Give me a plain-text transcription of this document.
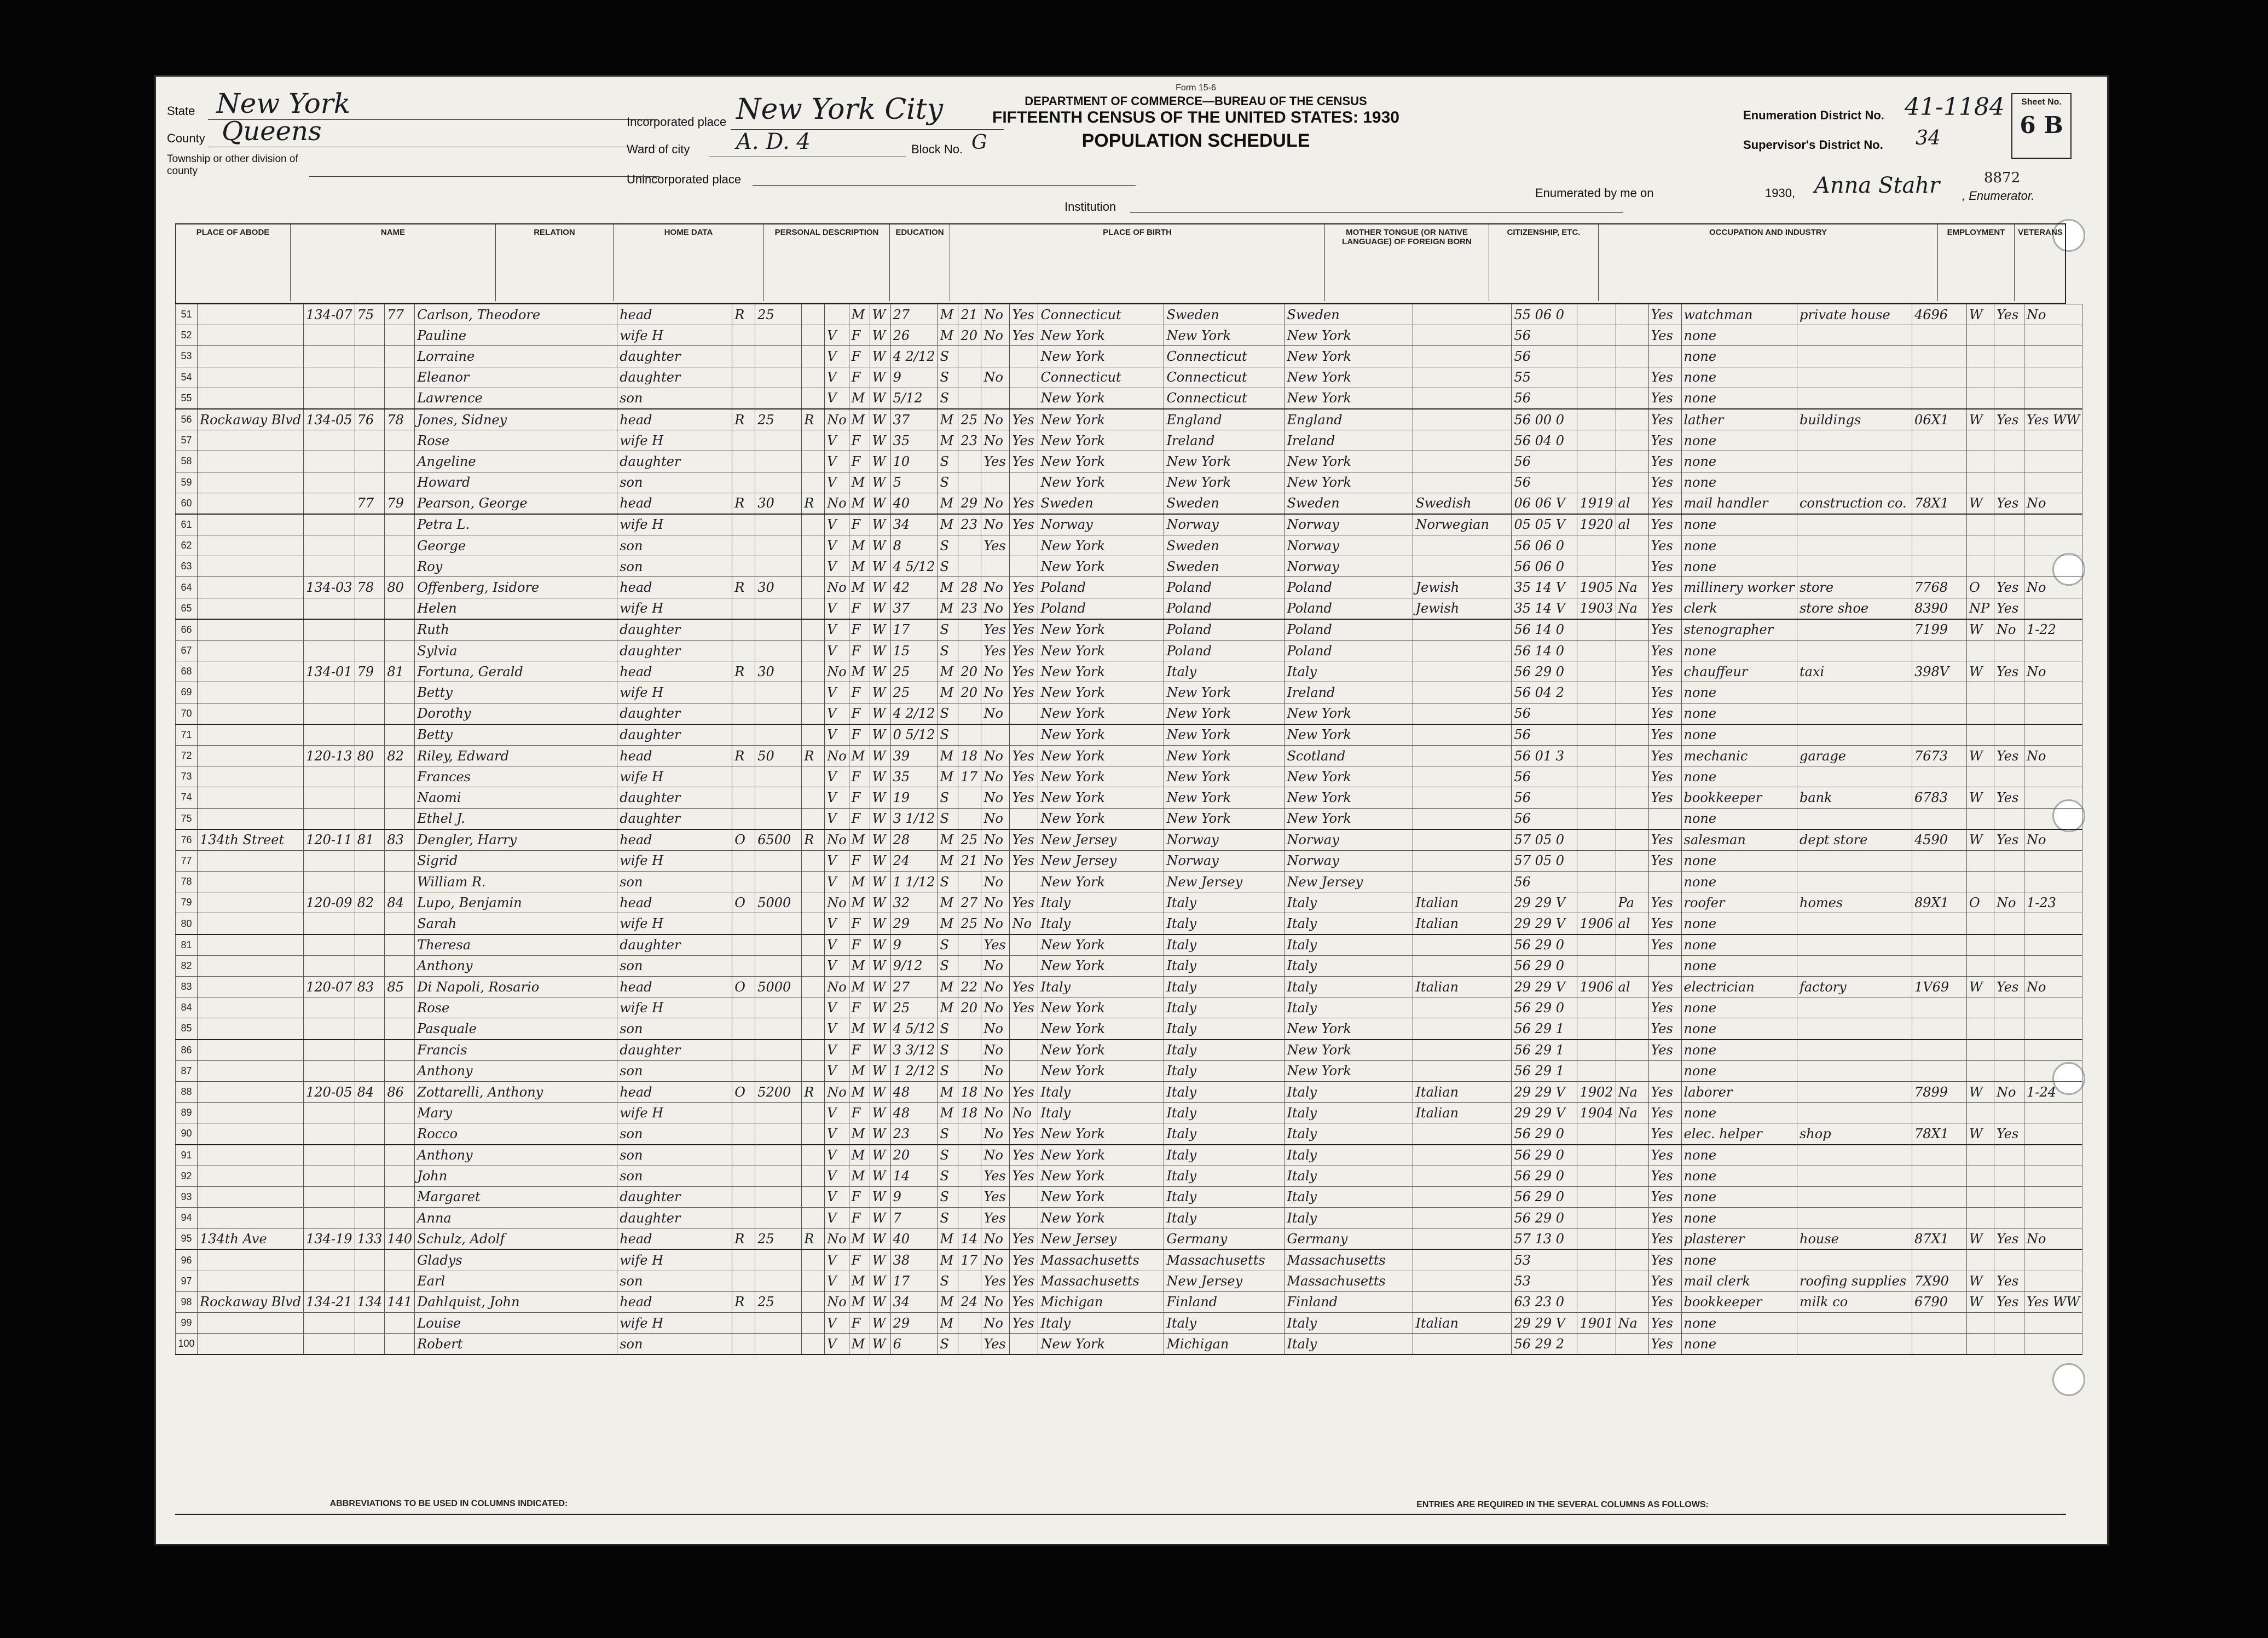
Form 15-6
DEPARTMENT OF COMMERCE—BUREAU OF THE CENSUS
FIFTEENTH CENSUS OF THE UNITED STATES: 1930
POPULATION SCHEDULE
State New York
County Queens
Township or other division of county
Incorporated place New York City
Ward of city A. D. 4	Block No. G
Unincorporated place
Institution
Enumeration District No. 41-1184
Supervisor's District No. 34
Sheet No.
6 B
Enumerated by me on	1930, Anna Stahr , Enumerator.
8872
PLACE OF ABODE	NAME	RELATION	HOME DATA	PERSONAL DESCRIPTION	EDUCATION	PLACE OF BIRTH	MOTHER TONGUE (OR NATIVE LANGUAGE) OF FOREIGN BORN
CITIZENSHIP, ETC.	OCCUPATION AND INDUSTRY	EMPLOYMENT	VETERANS
51		134-07	75	77	Carlson, Theodore	head	R	25			M	W	27	M	21	No	Yes	Connecticut	Sweden	Sweden		55 06 0			Yes	watchman	private house	4696	W	Yes	No
52					Pauline	wife H				V	F	W	26	M	20	No	Yes	New York	New York	New York		56			Yes	none					
53					Lorraine	daughter				V	F	W	4 2/12	S				New York	Connecticut	New York		56				none					
54					Eleanor	daughter				V	F	W	9	S		No		Connecticut	Connecticut	New York		55			Yes	none					
55					Lawrence	son				V	M	W	5/12	S				New York	Connecticut	New York		56			Yes	none					
56	Rockaway Blvd	134-05	76	78	Jones, Sidney	head	R	25	R	No	M	W	37	M	25	No	Yes	New York	England	England		56 00 0			Yes	lather	buildings	06X1	W	Yes	Yes WW
57					Rose	wife H				V	F	W	35	M	23	No	Yes	New York	Ireland	Ireland		56 04 0			Yes	none					
58					Angeline	daughter				V	F	W	10	S		Yes	Yes	New York	New York	New York		56			Yes	none					
59					Howard	son				V	M	W	5	S				New York	New York	New York		56			Yes	none					
60			77	79	Pearson, George	head	R	30	R	No	M	W	40	M	29	No	Yes	Sweden	Sweden	Sweden	Swedish	06 06 V	1919	al	Yes	mail handler	construction co.	78X1	W	Yes	No
61					Petra L.	wife H				V	F	W	34	M	23	No	Yes	Norway	Norway	Norway	Norwegian	05 05 V	1920	al	Yes	none					
62					George	son				V	M	W	8	S		Yes		New York	Sweden	Norway		56 06 0			Yes	none					
63					Roy	son				V	M	W	4 5/12	S				New York	Sweden	Norway		56 06 0			Yes	none					
64		134-03	78	80	Offenberg, Isidore	head	R	30		No	M	W	42	M	28	No	Yes	Poland	Poland	Poland	Jewish	35 14 V	1905	Na	Yes	millinery worker	store	7768	O	Yes	No
65					Helen	wife H				V	F	W	37	M	23	No	Yes	Poland	Poland	Poland	Jewish	35 14 V	1903	Na	Yes	clerk	store shoe	8390	NP	Yes	
66					Ruth	daughter				V	F	W	17	S		Yes	Yes	New York	Poland	Poland		56 14 0			Yes	stenographer		7199	W	No	1-22
67					Sylvia	daughter				V	F	W	15	S		Yes	Yes	New York	Poland	Poland		56 14 0			Yes	none					
68		134-01	79	81	Fortuna, Gerald	head	R	30		No	M	W	25	M	20	No	Yes	New York	Italy	Italy		56 29 0			Yes	chauffeur	taxi	398V	W	Yes	No
69					Betty	wife H				V	F	W	25	M	20	No	Yes	New York	New York	Ireland		56 04 2			Yes	none					
70					Dorothy	daughter				V	F	W	4 2/12	S		No		New York	New York	New York		56			Yes	none					
71					Betty	daughter				V	F	W	0 5/12	S				New York	New York	New York		56			Yes	none					
72		120-13	80	82	Riley, Edward	head	R	50	R	No	M	W	39	M	18	No	Yes	New York	New York	Scotland		56 01 3			Yes	mechanic	garage	7673	W	Yes	No
73					Frances	wife H				V	F	W	35	M	17	No	Yes	New York	New York	New York		56			Yes	none					
74					Naomi	daughter				V	F	W	19	S		No	Yes	New York	New York	New York		56			Yes	bookkeeper	bank	6783	W	Yes	
75					Ethel J.	daughter				V	F	W	3 1/12	S		No		New York	New York	New York		56				none					
76	134th Street	120-11	81	83	Dengler, Harry	head	O	6500	R	No	M	W	28	M	25	No	Yes	New Jersey	Norway	Norway		57 05 0			Yes	salesman	dept store	4590	W	Yes	No
77					Sigrid	wife H				V	F	W	24	M	21	No	Yes	New Jersey	Norway	Norway		57 05 0			Yes	none					
78					William R.	son				V	M	W	1 1/12	S		No		New York	New Jersey	New Jersey		56				none					
79		120-09	82	84	Lupo, Benjamin	head	O	5000		No	M	W	32	M	27	No	Yes	Italy	Italy	Italy	Italian	29 29 V		Pa	Yes	roofer	homes	89X1	O	No	1-23
80					Sarah	wife H				V	F	W	29	M	25	No	No	Italy	Italy	Italy	Italian	29 29 V	1906	al	Yes	none					
81					Theresa	daughter				V	F	W	9	S		Yes		New York	Italy	Italy		56 29 0			Yes	none					
82					Anthony	son				V	M	W	9/12	S		No		New York	Italy	Italy		56 29 0				none					
83		120-07	83	85	Di Napoli, Rosario	head	O	5000		No	M	W	27	M	22	No	Yes	Italy	Italy	Italy	Italian	29 29 V	1906	al	Yes	electrician	factory	1V69	W	Yes	No
84					Rose	wife H				V	F	W	25	M	20	No	Yes	New York	Italy	Italy		56 29 0			Yes	none					
85					Pasquale	son				V	M	W	4 5/12	S		No		New York	Italy	New York		56 29 1			Yes	none					
86					Francis	daughter				V	F	W	3 3/12	S		No		New York	Italy	New York		56 29 1			Yes	none					
87					Anthony	son				V	M	W	1 2/12	S		No		New York	Italy	New York		56 29 1				none					
88		120-05	84	86	Zottarelli, Anthony	head	O	5200	R	No	M	W	48	M	18	No	Yes	Italy	Italy	Italy	Italian	29 29 V	1902	Na	Yes	laborer		7899	W	No	1-24
89					Mary	wife H				V	F	W	48	M	18	No	No	Italy	Italy	Italy	Italian	29 29 V	1904	Na	Yes	none					
90					Rocco	son				V	M	W	23	S		No	Yes	New York	Italy	Italy		56 29 0			Yes	elec. helper	shop	78X1	W	Yes	
91					Anthony	son				V	M	W	20	S		No	Yes	New York	Italy	Italy		56 29 0			Yes	none					
92					John	son				V	M	W	14	S		Yes	Yes	New York	Italy	Italy		56 29 0			Yes	none					
93					Margaret	daughter				V	F	W	9	S		Yes		New York	Italy	Italy		56 29 0			Yes	none					
94					Anna	daughter				V	F	W	7	S		Yes		New York	Italy	Italy		56 29 0			Yes	none					
95	134th Ave	134-19	133	140	Schulz, Adolf	head	R	25	R	No	M	W	40	M	14	No	Yes	New Jersey	Germany	Germany		57 13 0			Yes	plasterer	house	87X1	W	Yes	No
96					Gladys	wife H				V	F	W	38	M	17	No	Yes	Massachusetts	Massachusetts	Massachusetts		53			Yes	none					
97					Earl	son				V	M	W	17	S		Yes	Yes	Massachusetts	New Jersey	Massachusetts		53			Yes	mail clerk	roofing supplies	7X90	W	Yes	
98	Rockaway Blvd	134-21	134	141	Dahlquist, John	head	R	25		No	M	W	34	M	24	No	Yes	Michigan	Finland	Finland		63 23 0			Yes	bookkeeper	milk co	6790	W	Yes	Yes WW
99					Louise	wife H				V	F	W	29	M		No	Yes	Italy	Italy	Italy	Italian	29 29 V	1901	Na	Yes	none					
100					Robert	son				V	M	W	6	S		Yes		New York	Michigan	Italy		56 29 2			Yes	none					
ABBREVIATIONS TO BE USED IN COLUMNS INDICATED:	ENTRIES ARE REQUIRED IN THE SEVERAL COLUMNS AS FOLLOWS:
